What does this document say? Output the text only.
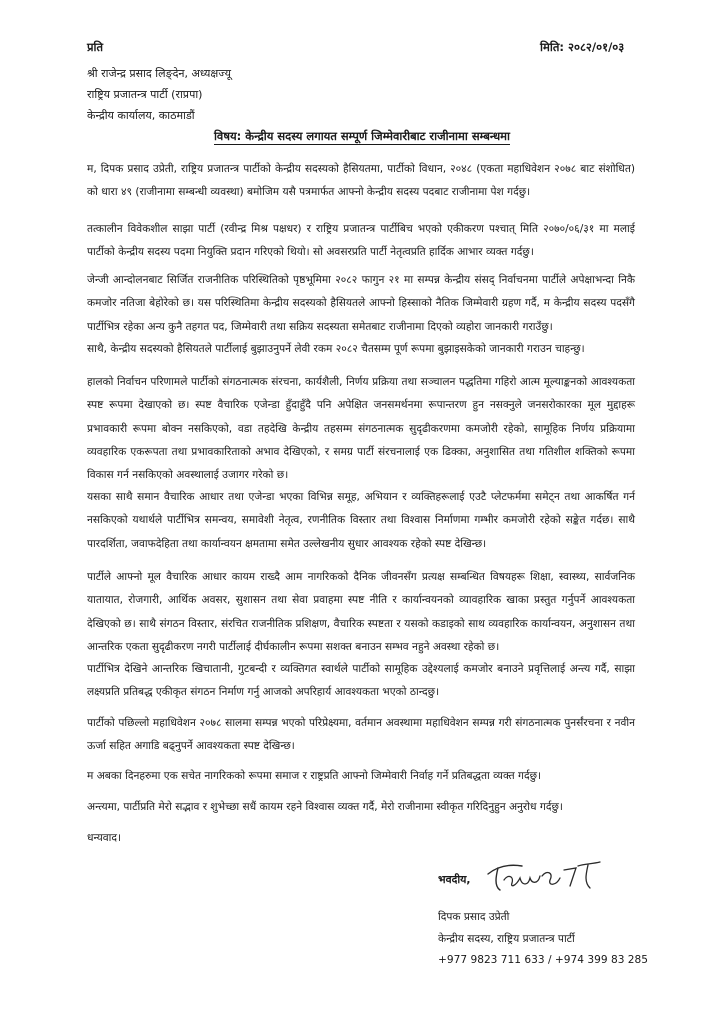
प्रति	मिति: २०८२/०१/०३
श्री राजेन्द्र प्रसाद लिङ्देन, अध्यक्षज्यू
राष्ट्रिय प्रजातन्त्र पार्टी (राप्रपा)
केन्द्रीय कार्यालय, काठमाडौं
विषय: केन्द्रीय सदस्य लगायत सम्पूर्ण जिम्मेवारीबाट राजीनामा सम्बन्धमा

म, दिपक प्रसाद उप्रेती, राष्ट्रिय प्रजातन्त्र पार्टीको केन्द्रीय सदस्यको हैसियतमा, पार्टीको विधान, २०४८ (एकता महाधिवेशन २०७८ बाट संशोधित) को धारा ४९ (राजीनामा सम्बन्धी व्यवस्था) बमोजिम यसै पत्रमार्फत आफ्नो केन्द्रीय सदस्य पदबाट राजीनामा पेश गर्दछु।

तत्कालीन विवेकशील साझा पार्टी (रवीन्द्र मिश्र पक्षधर) र राष्ट्रिय प्रजातन्त्र पार्टीबिच भएको एकीकरण पश्चात् मिति २०७०/०६/३१ मा मलाई पार्टीको केन्द्रीय सदस्य पदमा नियुक्ति प्रदान गरिएको थियो। सो अवसरप्रति पार्टी नेतृत्वप्रति हार्दिक आभार व्यक्त गर्दछु।

जेन्जी आन्दोलनबाट सिर्जित राजनीतिक परिस्थितिको पृष्ठभूमिमा २०८२ फागुन २१ मा सम्पन्न केन्द्रीय संसद् निर्वाचनमा पार्टीले अपेक्षाभन्दा निकै कमजोर नतिजा बेहोरेको छ। यस परिस्थितिमा केन्द्रीय सदस्यको हैसियतले आफ्नो हिस्साको नैतिक जिम्मेवारी ग्रहण गर्दै, म केन्द्रीय सदस्य पदसँगै पार्टीभित्र रहेका अन्य कुनै तहगत पद, जिम्मेवारी तथा सक्रिय सदस्यता समेतबाट राजीनामा दिएको व्यहोरा जानकारी गराउँछु।

साथै, केन्द्रीय सदस्यको हैसियतले पार्टीलाई बुझाउनुपर्ने लेवी रकम २०८२ चैतसम्म पूर्ण रूपमा बुझाइसकेको जानकारी गराउन चाहन्छु।

हालको निर्वाचन परिणामले पार्टीको संगठनात्मक संरचना, कार्यशैली, निर्णय प्रक्रिया तथा सञ्चालन पद्धतिमा गहिरो आत्म मूल्याङ्कनको आवश्यकता स्पष्ट रूपमा देखाएको छ। स्पष्ट वैचारिक एजेन्डा हुँदाहुँदै पनि अपेक्षित जनसमर्थनमा रूपान्तरण हुन नसक्नुले जनसरोकारका मूल मुद्दाहरू प्रभावकारी रूपमा बोक्न नसकिएको, वडा तहदेखि केन्द्रीय तहसम्म संगठनात्मक सुदृढीकरणमा कमजोरी रहेको, सामूहिक निर्णय प्रक्रियामा व्यवहारिक एकरूपता तथा प्रभावकारिताको अभाव देखिएको, र समग्र पार्टी संरचनालाई एक ढिक्का, अनुशासित तथा गतिशील शक्तिको रूपमा विकास गर्न नसकिएको अवस्थालाई उजागर गरेको छ।

यसका साथै समान वैचारिक आधार तथा एजेन्डा भएका विभिन्न समूह, अभियान र व्यक्तिहरूलाई एउटै प्लेटफर्ममा समेट्न तथा आकर्षित गर्न नसकिएको यथार्थले पार्टीभित्र समन्वय, समावेशी नेतृत्व, रणनीतिक विस्तार तथा विश्वास निर्माणमा गम्भीर कमजोरी रहेको सङ्केत गर्दछ। साथै पारदर्शिता, जवाफदेहिता तथा कार्यान्वयन क्षमतामा समेत उल्लेखनीय सुधार आवश्यक रहेको स्पष्ट देखिन्छ।

पार्टीले आफ्नो मूल वैचारिक आधार कायम राख्दै आम नागरिकको दैनिक जीवनसँग प्रत्यक्ष सम्बन्धित विषयहरू शिक्षा, स्वास्थ्य, सार्वजनिक यातायात, रोजगारी, आर्थिक अवसर, सुशासन तथा सेवा प्रवाहमा स्पष्ट नीति र कार्यान्वयनको व्यावहारिक खाका प्रस्तुत गर्नुपर्ने आवश्यकता देखिएको छ। साथै संगठन विस्तार, संरचित राजनीतिक प्रशिक्षण, वैचारिक स्पष्टता र यसको कडाइको साथ व्यवहारिक कार्यान्वयन, अनुशासन तथा आन्तरिक एकता सुदृढीकरण नगरी पार्टीलाई दीर्घकालीन रूपमा सशक्त बनाउन सम्भव नहुने अवस्था रहेको छ।

पार्टीभित्र देखिने आन्तरिक खिचातानी, गुटबन्दी र व्यक्तिगत स्वार्थले पार्टीको सामूहिक उद्देश्यलाई कमजोर बनाउने प्रवृत्तिलाई अन्त्य गर्दै, साझा लक्ष्यप्रति प्रतिबद्ध एकीकृत संगठन निर्माण गर्नु आजको अपरिहार्य आवश्यकता भएको ठान्दछु।

पार्टीको पछिल्लो महाधिवेशन २०७८ सालमा सम्पन्न भएको परिप्रेक्ष्यमा, वर्तमान अवस्थामा महाधिवेशन सम्पन्न गरी संगठनात्मक पुनर्संरचना र नवीन ऊर्जा सहित अगाडि बढ्नुपर्ने आवश्यकता स्पष्ट देखिन्छ।

म अबका दिनहरुमा एक सचेत नागरिकको रूपमा समाज र राष्ट्रप्रति आफ्नो जिम्मेवारी निर्वाह गर्ने प्रतिबद्धता व्यक्त गर्दछु।

अन्त्यमा, पार्टीप्रति मेरो सद्भाव र शुभेच्छा सधैं कायम रहने विश्वास व्यक्त गर्दै, मेरो राजीनामा स्वीकृत गरिदिनुहुन अनुरोध गर्दछु।

धन्यवाद।
भवदीय,
दिपक प्रसाद उप्रेती
केन्द्रीय सदस्य, राष्ट्रिय प्रजातन्त्र पार्टी
+977 9823 711 633 / +974 399 83 285
